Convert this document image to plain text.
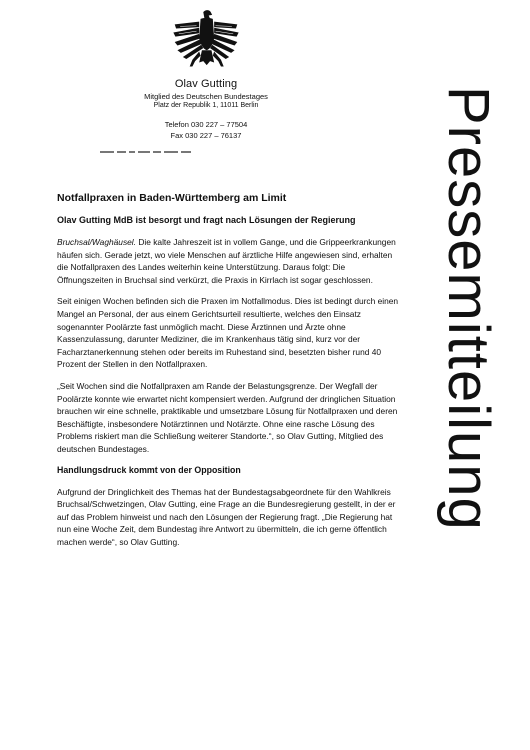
Olav Gutting
Mitglied des Deutschen Bundestages
Platz der Republik 1, 11011 Berlin
Telefon 030 227 – 77504
Fax 030 227 – 76137	Pressemitteilung
Notfallpraxen in Baden-Württemberg am Limit
Olav Gutting MdB ist besorgt und fragt nach Lösungen der Regierung

Bruchsal/Waghäusel. Die kalte Jahreszeit ist in vollem Gange, und die Grippeerkrankungen häufen sich. Gerade jetzt, wo viele Menschen auf ärztliche Hilfe angewiesen sind, erhalten die Notfallpraxen des Landes weiterhin keine Unterstützung. Daraus folgt: Die Öffnungszeiten in Bruchsal sind verkürzt, die Praxis in Kirrlach ist sogar geschlossen.

Seit einigen Wochen befinden sich die Praxen im Notfallmodus. Dies ist bedingt durch einen Mangel an Personal, der aus einem Gerichtsurteil resultierte, welches den Einsatz sogenannter Poolärzte fast unmöglich macht. Diese Ärztinnen und Ärzte ohne Kassenzulassung, darunter Mediziner, die im Krankenhaus tätig sind, kurz vor der Facharztanerkennung stehen oder bereits im Ruhestand sind, besetzten bisher rund 40 Prozent der Stellen in den Notfallpraxen.

„Seit Wochen sind die Notfallpraxen am Rande der Belastungsgrenze. Der Wegfall der Poolärzte konnte wie erwartet nicht kompensiert werden. Aufgrund der dringlichen Situation brauchen wir eine schnelle, praktikable und umsetzbare Lösung für Notfallpraxen und deren Beschäftigte, insbesondere Notärztinnen und Notärzte. Ohne eine rasche Lösung des Problems riskiert man die Schließung weiterer Standorte.“, so Olav Gutting, Mitglied des deutschen Bundestages.

Handlungsdruck kommt von der Opposition

Aufgrund der Dringlichkeit des Themas hat der Bundestagsabgeordnete für den Wahlkreis Bruchsal/Schwetzingen, Olav Gutting, eine Frage an die Bundesregierung gestellt, in der er auf das Problem hinweist und nach den Lösungen der Regierung fragt. „Die Regierung hat nun eine Woche Zeit, dem Bundestag ihre Antwort zu übermitteln, die ich gerne öffentlich machen werde“, so Olav Gutting.
